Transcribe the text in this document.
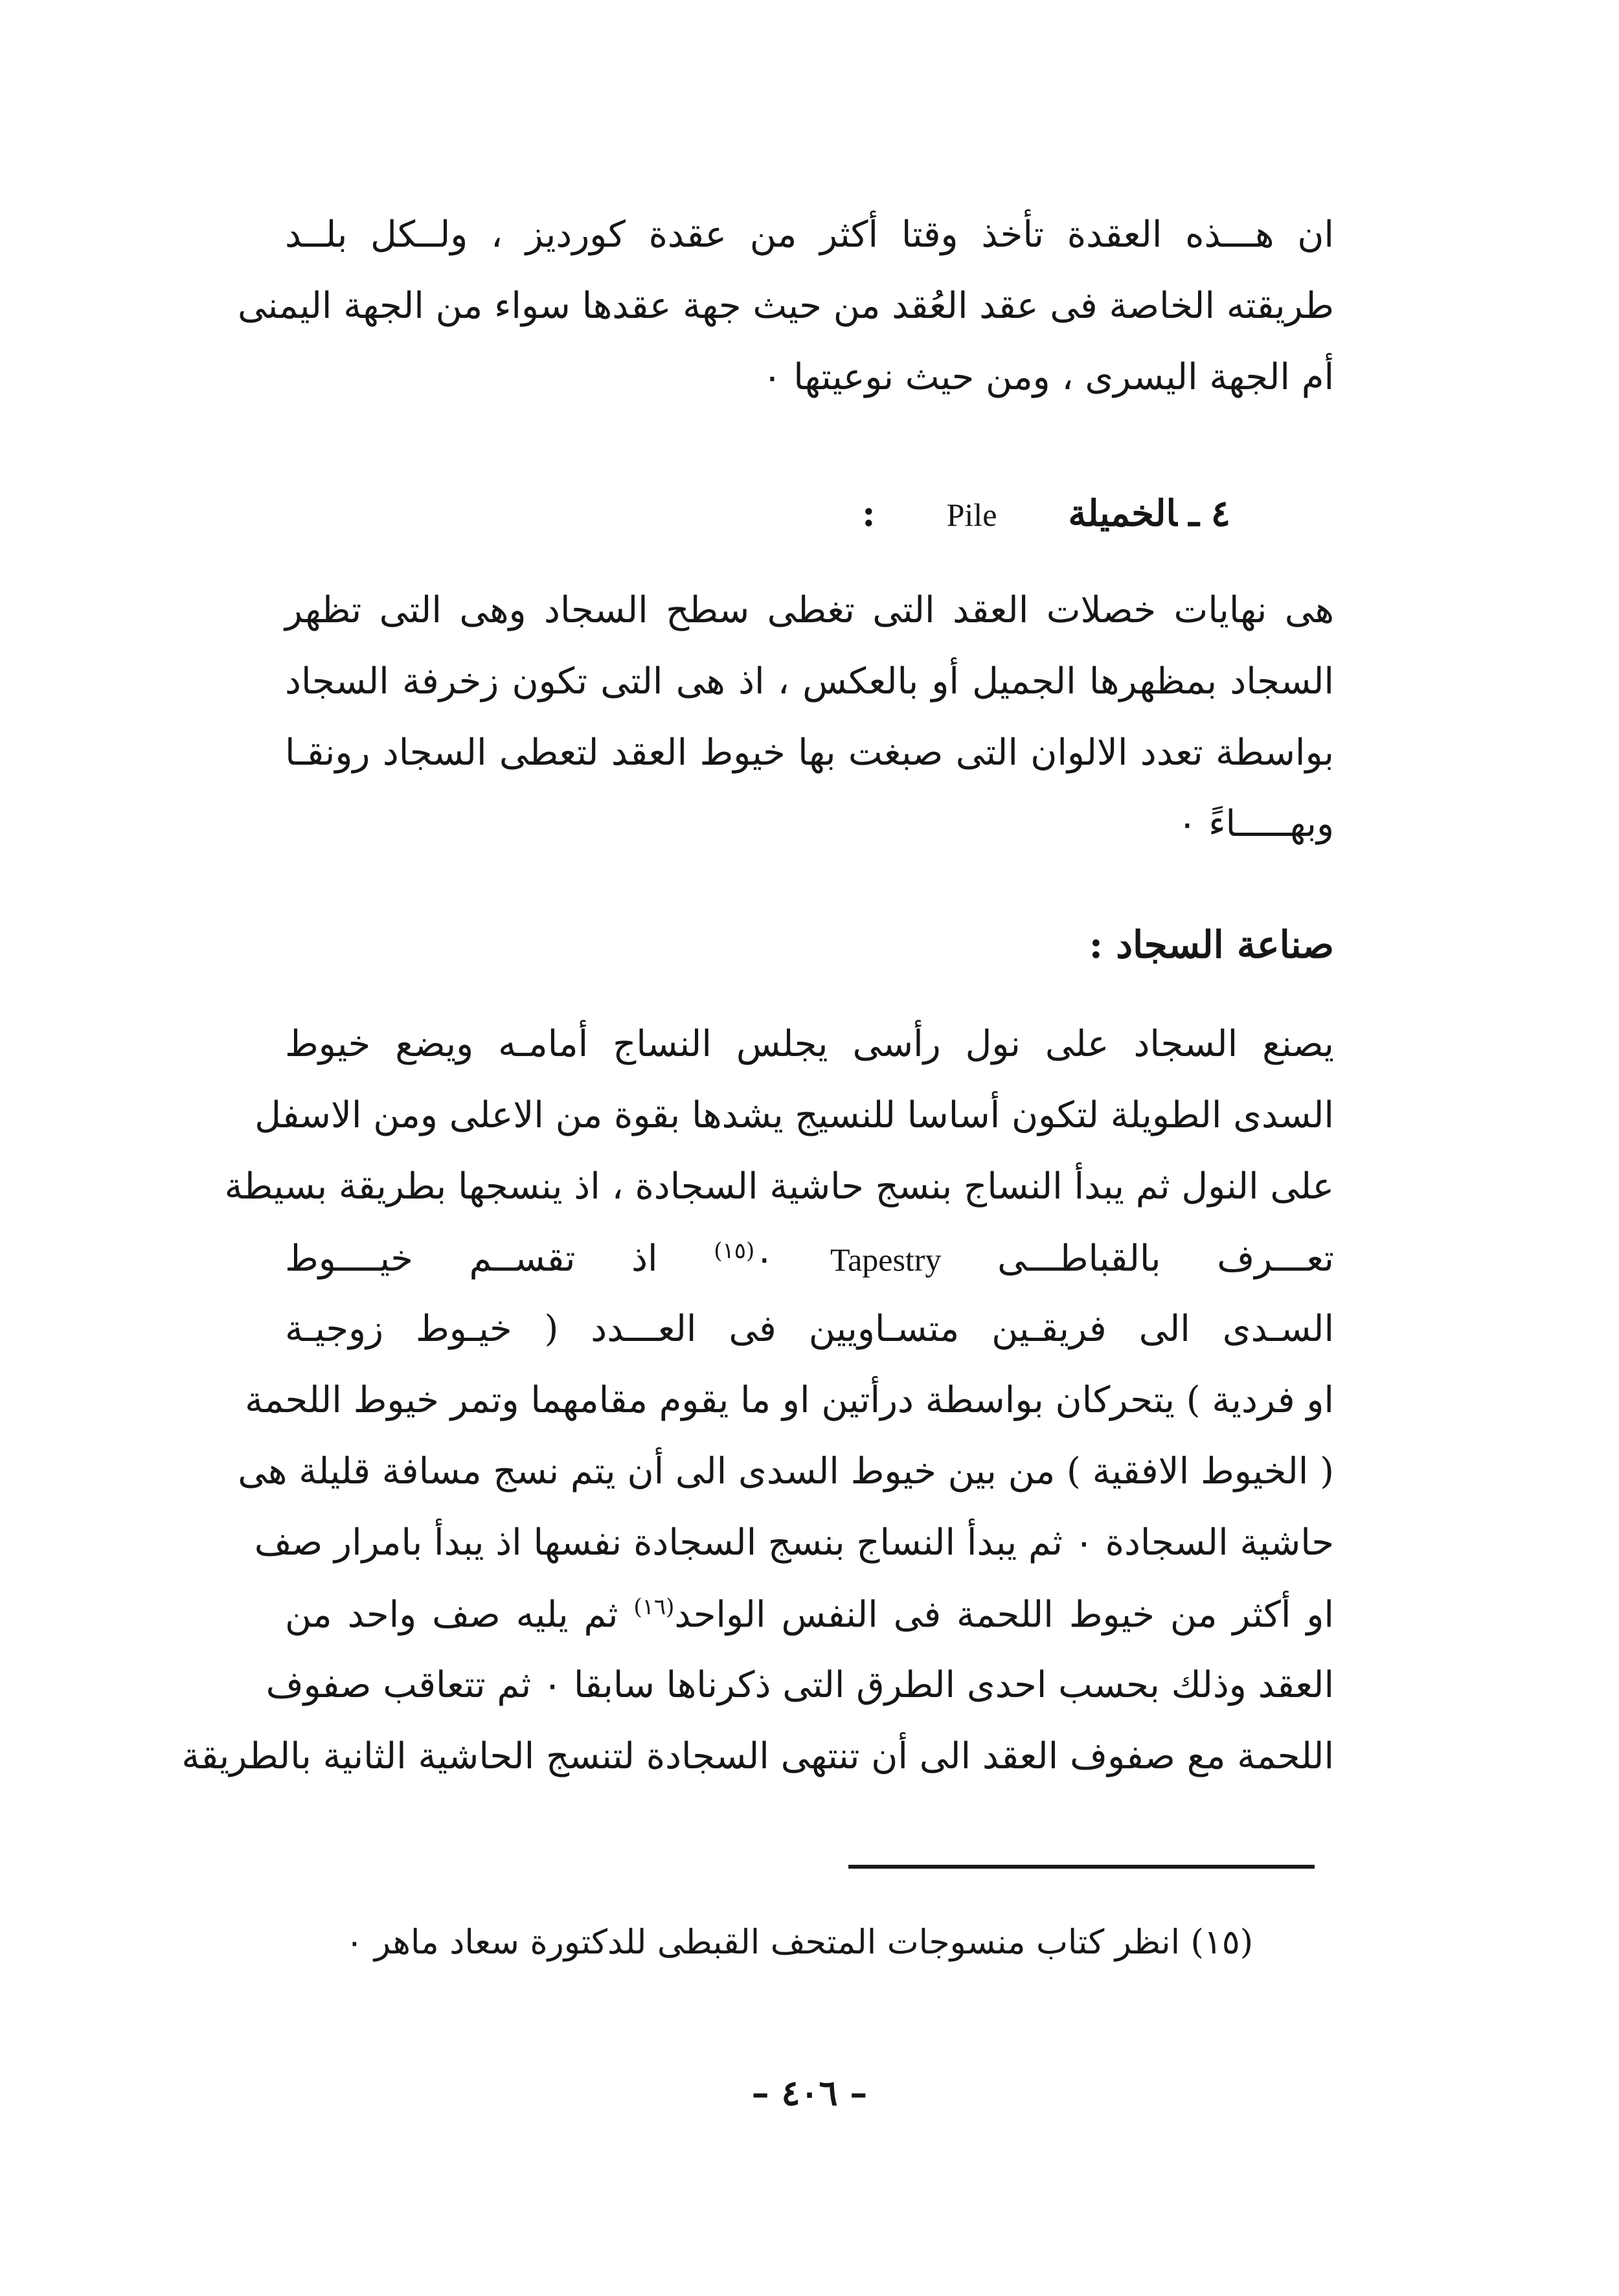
ان هـــذه العقدة تأخذ وقتا أكثر من عقدة كورديز ، ولــكل بلــد
طريقته الخاصة فى عقد العُقد من حيث جهة عقدها سواء من الجهة اليمنى
أم الجهة اليسرى ، ومن حيث نوعيتها ٠
٤ـالخميلةPile:
هى نهايات خصلات العقد التى تغطى سطح السجاد وهى التى تظهر
السجاد بمظهرها الجميل أو بالعكس ، اذ هى التى تكون زخرفة السجاد
بواسطة تعدد الالوان التى صبغت بها خيوط العقد لتعطى السجاد رونقـا
وبهـــــاءً ٠
صناعة السجاد :
يصنع السجاد على نول رأسى يجلس النساج أمامـه ويضع خيوط
السدى الطويلة لتكون أساسا للنسيج يشدها بقوة من الاعلى ومن الاسفل
على النول ثم يبدأ النساج بنسج حاشية السجادة ، اذ ينسجها بطريقة بسيطة
تعـــرف بالقباطـــى Tapestry ٠$^{(١٥)}$ اذ تقســم خيــــوط
السـدى الى فريقـين متسـاويين فى العـــدد ( خيـوط زوجيـة
او فردية ) يتحركان بواسطة درأتين او ما يقوم مقامهما وتمر خيوط اللحمة
( الخيوط الافقية ) من بين خيوط السدى الى أن يتم نسج مسافة قليلة هى
حاشية السجادة ٠ ثم يبدأ النساج بنسج السجادة نفسها اذ يبدأ بامرار صف
او أكثر من خيوط اللحمة فى النفس الواحد$^{(١٦)}$ ثم يليه صف واحد من
العقد وذلك بحسب احدى الطرق التى ذكرناها سابقا ٠ ثم تتعاقب صفوف
اللحمة مع صفوف العقد الى أن تنتهى السجادة لتنسج الحاشية الثانية بالطريقة
(١٥) انظر كتاب منسوجات المتحف القبطى للدكتورة سعاد ماهر ٠
– ٤٠٦ –
